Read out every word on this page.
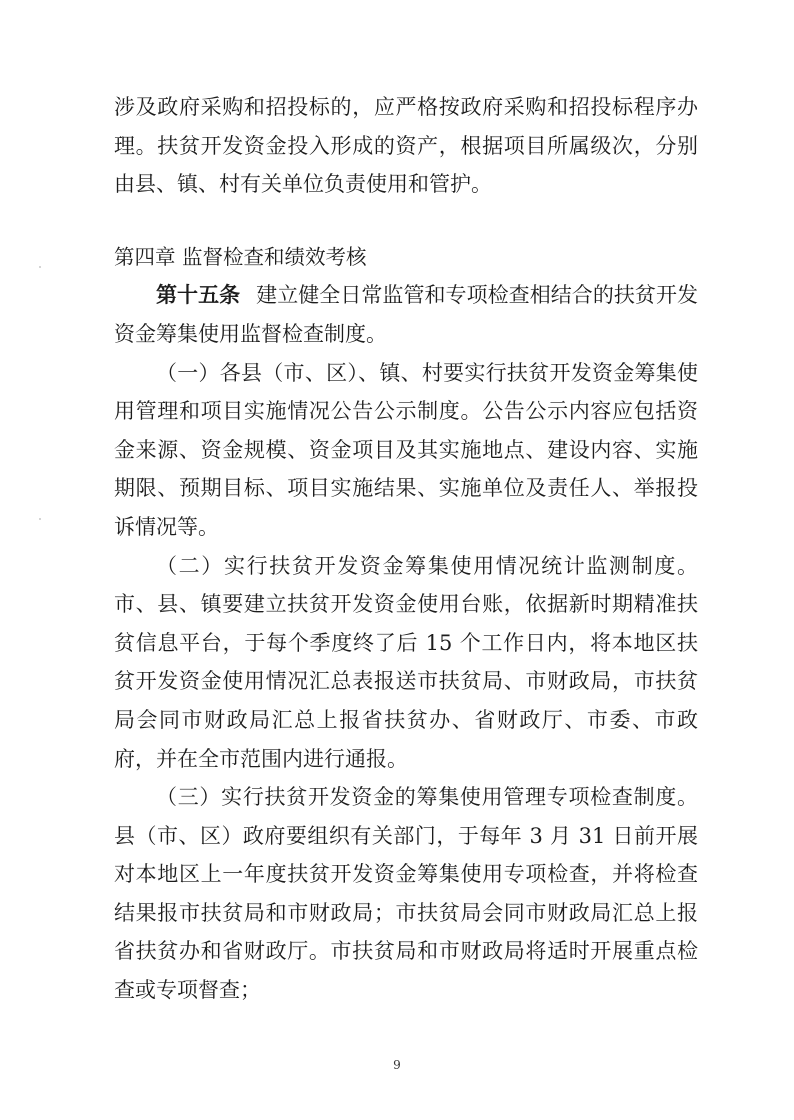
涉及政府采购和招投标的，应严格按政府采购和招投标程序办理。扶贫开发资金投入形成的资产，根据项目所属级次，分别由县、镇、村有关单位负责使用和管护。

第四章 监督检查和绩效考核

第十五条 建立健全日常监管和专项检查相结合的扶贫开发资金筹集使用监督检查制度。

（一）各县（市、区）、镇、村要实行扶贫开发资金筹集使用管理和项目实施情况公告公示制度。公告公示内容应包括资金来源、资金规模、资金项目及其实施地点、建设内容、实施期限、预期目标、项目实施结果、实施单位及责任人、举报投诉情况等。

（二）实行扶贫开发资金筹集使用情况统计监测制度。市、县、镇要建立扶贫开发资金使用台账，依据新时期精准扶贫信息平台，于每个季度终了后 15 个工作日内，将本地区扶贫开发资金使用情况汇总表报送市扶贫局、市财政局，市扶贫局会同市财政局汇总上报省扶贫办、省财政厅、市委、市政府，并在全市范围内进行通报。

（三）实行扶贫开发资金的筹集使用管理专项检查制度。县（市、区）政府要组织有关部门，于每年 3 月 31 日前开展对本地区上一年度扶贫开发资金筹集使用专项检查，并将检查结果报市扶贫局和市财政局；市扶贫局会同市财政局汇总上报省扶贫办和省财政厅。市扶贫局和市财政局将适时开展重点检查或专项督查；

9
